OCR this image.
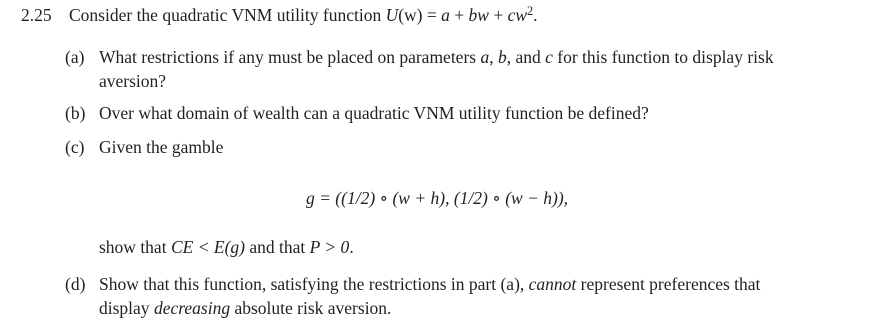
2.25 Consider the quadratic VNM utility function U(w) = a + bw + $cw^2$.
(a) What restrictions if any must be placed on parameters a, b, and c for this function to display risk
aversion?
(b) Over what domain of wealth can a quadratic VNM utility function be defined?
(c) Given the gamble
g = ((1/2) ∘ (w + h), (1/2) ∘ (w − h)),
show that CE < E(g) and that P > 0.
(d) Show that this function, satisfying the restrictions in part (a), cannot represent preferences that
display decreasing absolute risk aversion.
